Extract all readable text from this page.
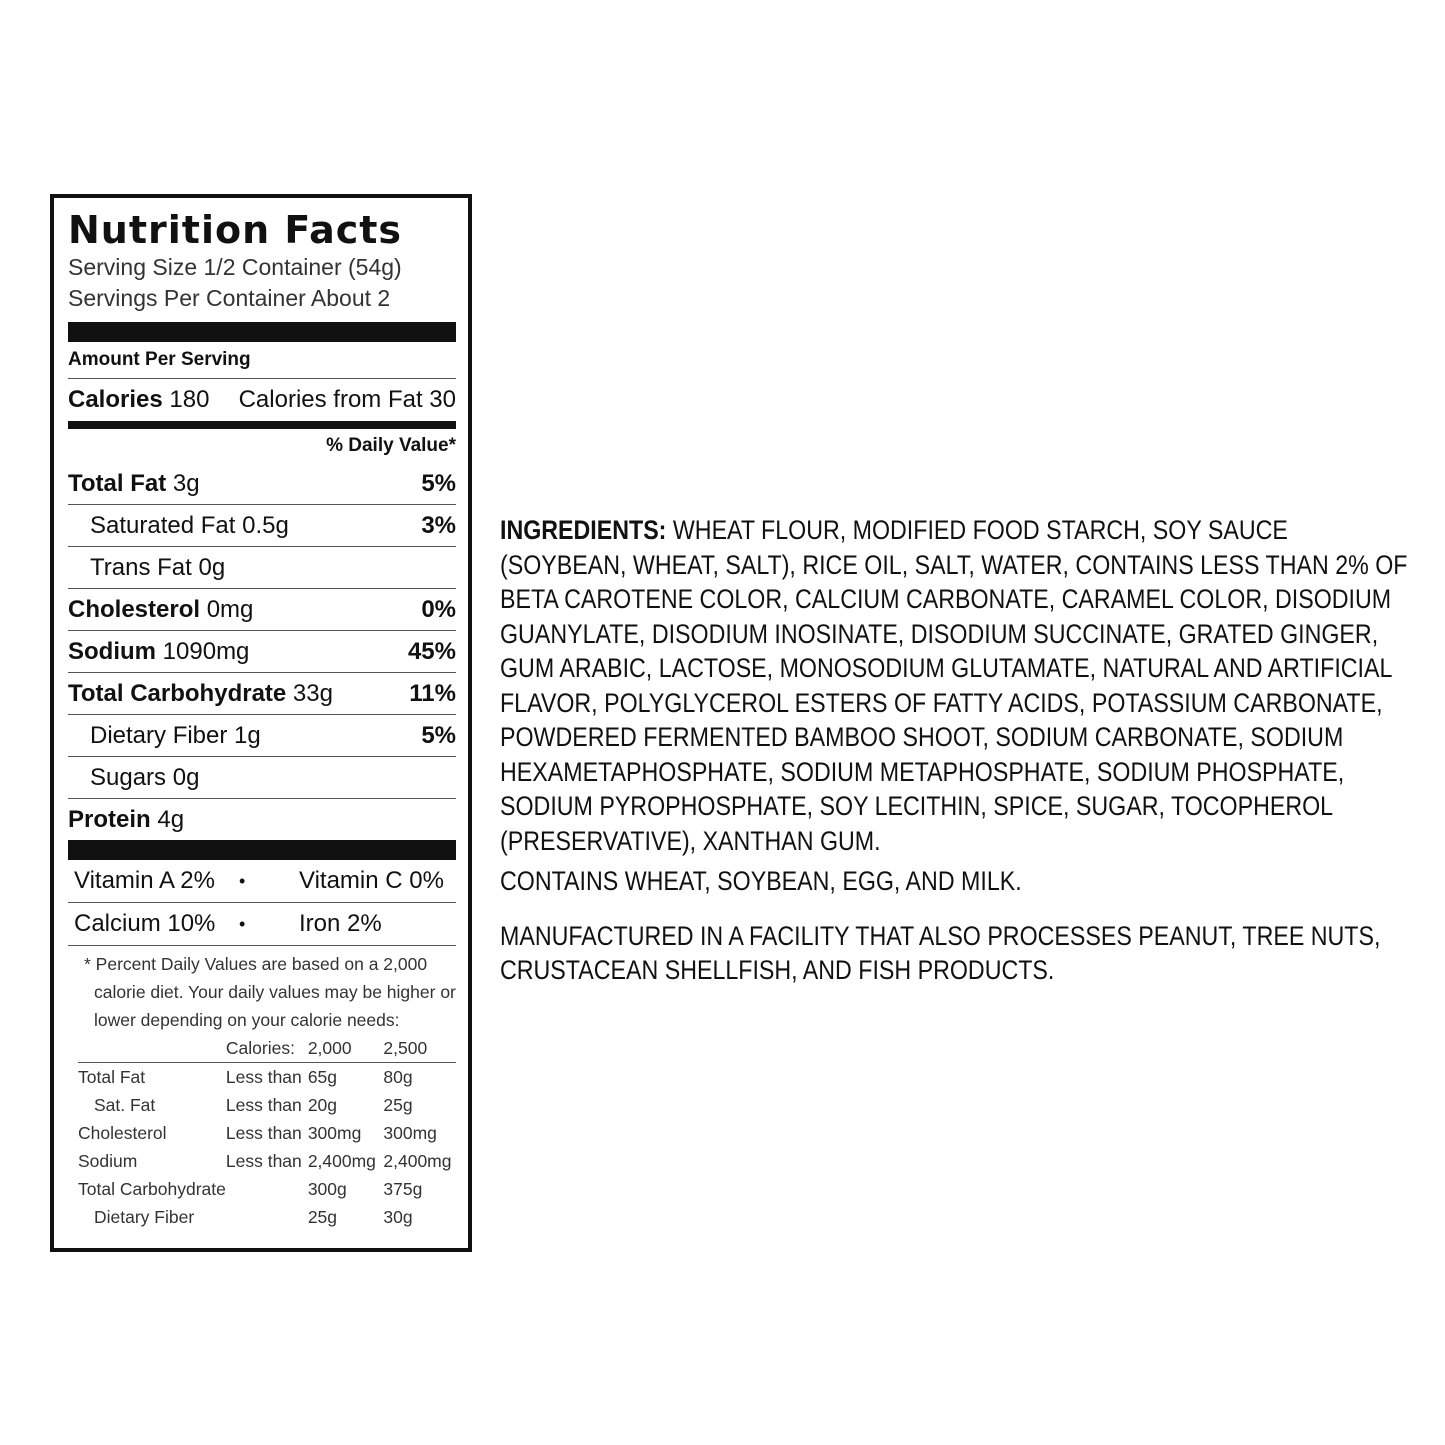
Nutrition Facts
Serving Size 1/2 Container (54g)
Servings Per Container About 2
Amount Per Serving
Calories 180 Calories from Fat 30
% Daily Value*
Total Fat 3g	5%
Saturated Fat 0.5g	3%
Trans Fat 0g
Cholesterol 0mg	0%
Sodium 1090mg	45%
Total Carbohydrate 33g	11%
Dietary Fiber 1g	5%
Sugars 0g
Protein 4g
Vitamin A 2%	•	Vitamin C 0%
Calcium 10%	•	Iron 2%
* Percent Daily Values are based on a 2,000 calorie diet. Your daily values may be higher or lower depending on your calorie needs:
	Calories:	2,000	2,500
Total Fat	Less than	65g	80g
Sat. Fat	Less than	20g	25g
Cholesterol	Less than	300mg	300mg
Sodium	Less than	2,400mg	2,400mg
Total Carbohydrate		300g	375g
Dietary Fiber		25g	30g

INGREDIENTS: WHEAT FLOUR, MODIFIED FOOD STARCH, SOY SAUCE (SOYBEAN, WHEAT, SALT), RICE OIL, SALT, WATER, CONTAINS LESS THAN 2% OF BETA CAROTENE COLOR, CALCIUM CARBONATE, CARAMEL COLOR, DISODIUM GUANYLATE, DISODIUM INOSINATE, DISODIUM SUCCINATE, GRATED GINGER, GUM ARABIC, LACTOSE, MONOSODIUM GLUTAMATE, NATURAL AND ARTIFICIAL FLAVOR, POLYGLYCEROL ESTERS OF FATTY ACIDS, POTASSIUM CARBONATE, POWDERED FERMENTED BAMBOO SHOOT, SODIUM CARBONATE, SODIUM HEXAMETAPHOSPHATE, SODIUM METAPHOSPHATE, SODIUM PHOSPHATE, SODIUM PYROPHOSPHATE, SOY LECITHIN, SPICE, SUGAR, TOCOPHEROL (PRESERVATIVE), XANTHAN GUM.

CONTAINS WHEAT, SOYBEAN, EGG, AND MILK.

MANUFACTURED IN A FACILITY THAT ALSO PROCESSES PEANUT, TREE NUTS, CRUSTACEAN SHELLFISH, AND FISH PRODUCTS.
